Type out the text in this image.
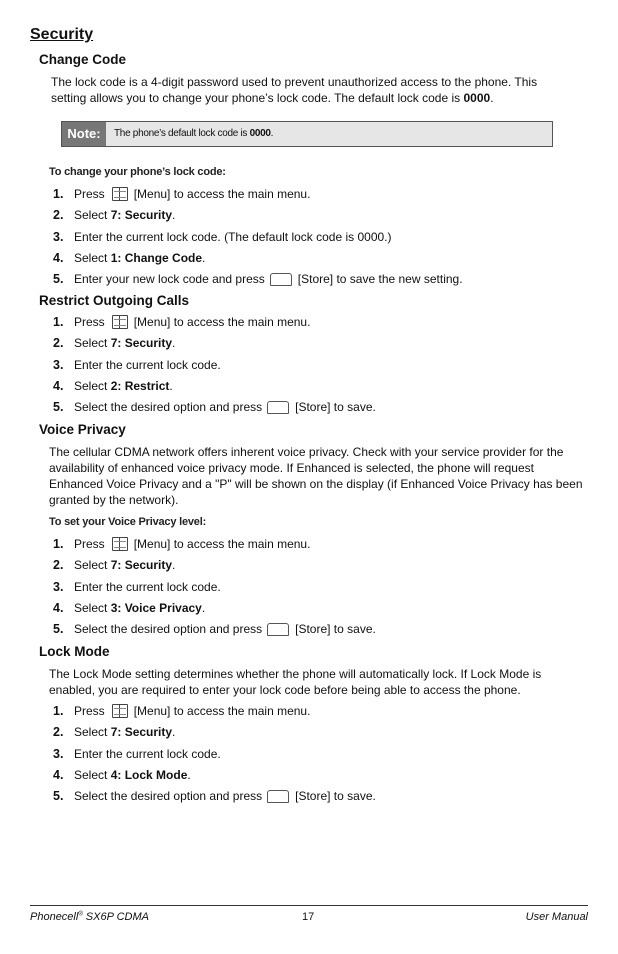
Security
Change Code
The lock code is a 4-digit password used to prevent unauthorized access to the phone. This setting allows you to change your phone’s lock code. The default lock code is 0000.
Note:	The phone’s default lock code is 0000.
To change your phone’s lock code:
1. Press [Menu] to access the main menu.
2. Select 7: Security.
3. Enter the current lock code. (The default lock code is 0000.)
4. Select 1: Change Code.
5. Enter your new lock code and press	[Store] to save the new setting.
Restrict Outgoing Calls
1. Press [Menu] to access the main menu.
2. Select 7: Security.
3. Enter the current lock code.
4. Select 2: Restrict.
5. Select the desired option and press	[Store] to save.
Voice Privacy
The cellular CDMA network offers inherent voice privacy. Check with your service provider for the availability of enhanced voice privacy mode. If Enhanced is selected, the phone will request Enhanced Voice Privacy and a "P" will be shown on the display (if Enhanced Voice Privacy has been granted by the network).
To set your Voice Privacy level:
1. Press [Menu] to access the main menu.
2. Select 7: Security.
3. Enter the current lock code.
4. Select 3: Voice Privacy.
5. Select the desired option and press	[Store] to save.
Lock Mode
The Lock Mode setting determines whether the phone will automatically lock. If Lock Mode is enabled, you are required to enter your lock code before being able to access the phone.
1. Press [Menu] to access the main menu.
2. Select 7: Security.
3. Enter the current lock code.
4. Select 4: Lock Mode.
5. Select the desired option and press	[Store] to save.
Phonecell® SX6P CDMA	17	User Manual
